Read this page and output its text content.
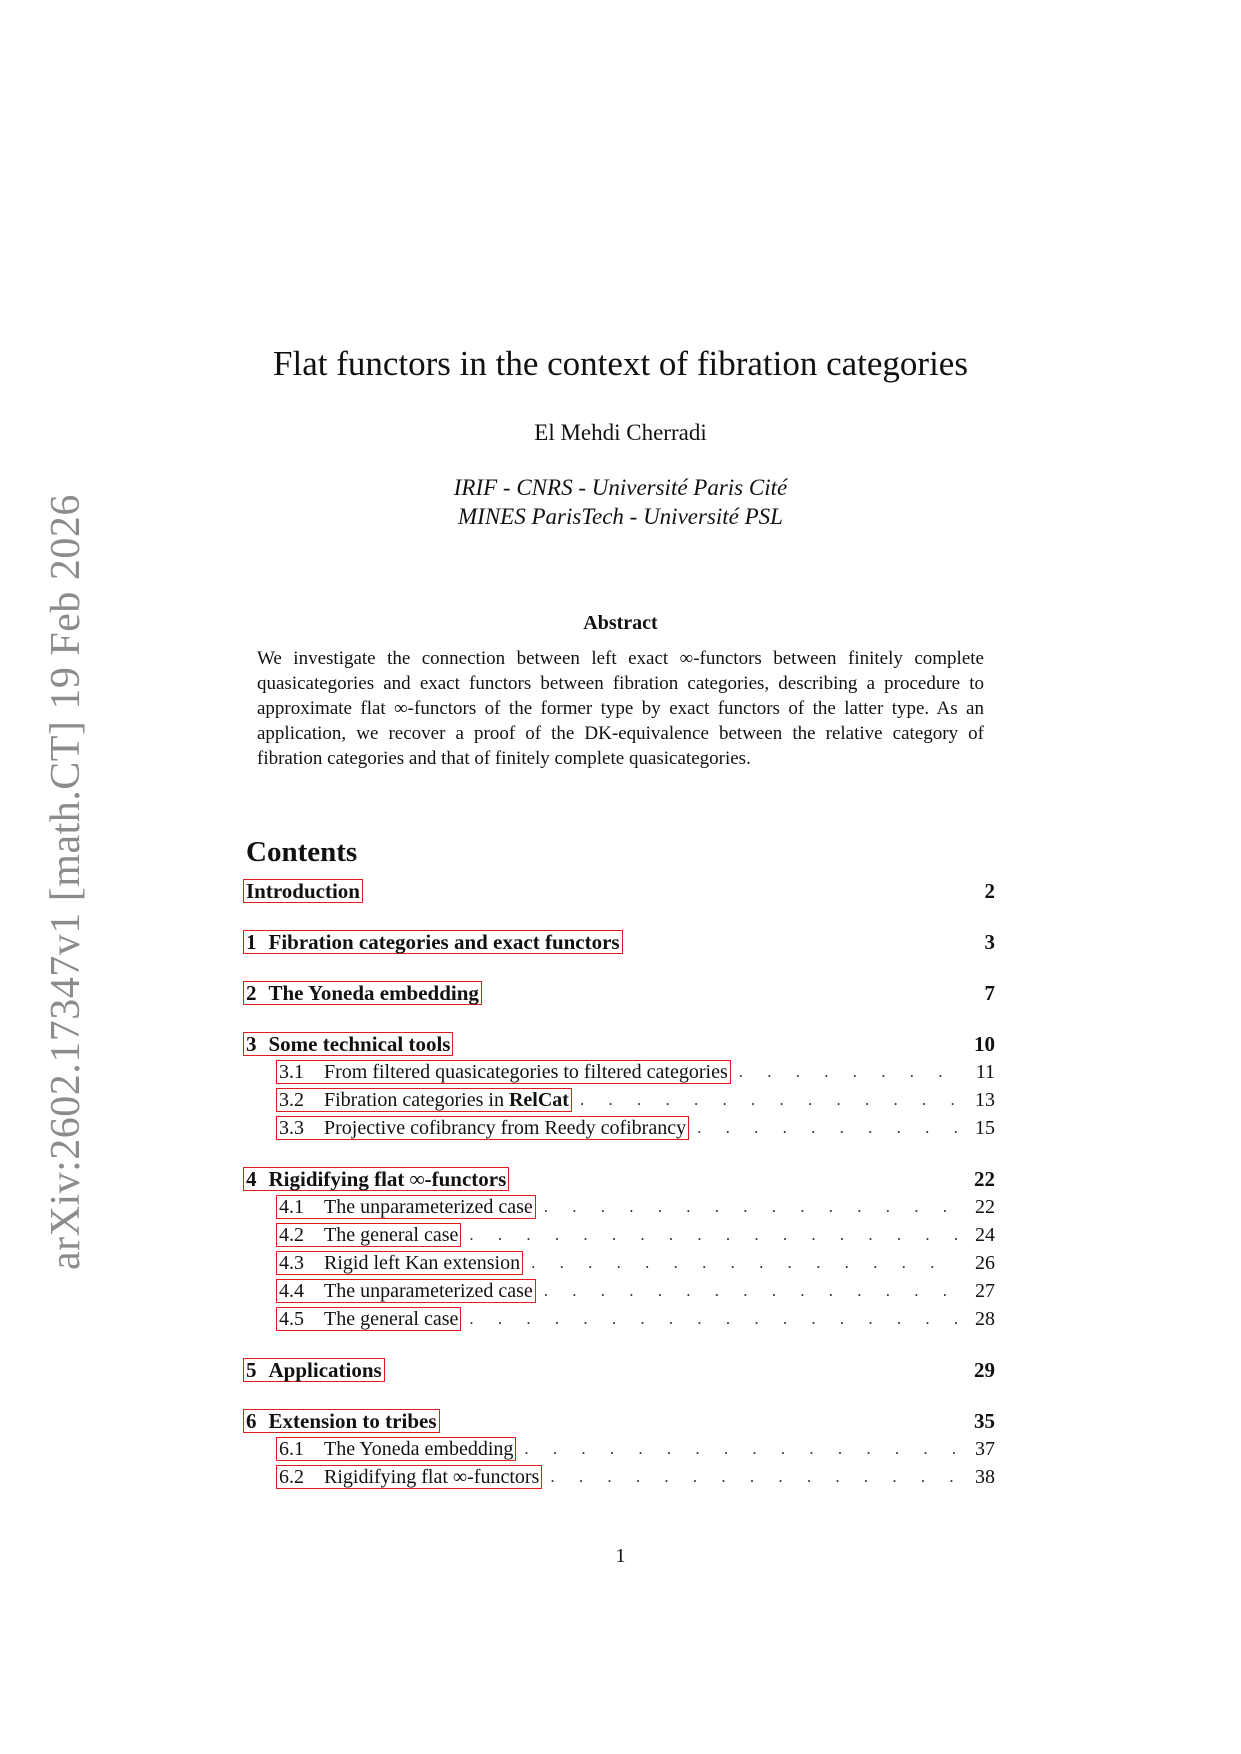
arXiv:2602.17347v1 [math.CT] 19 Feb 2026
Flat functors in the context of fibration categories
El Mehdi Cherradi
IRIF - CNRS - Université Paris Cité
MINES ParisTech - Université PSL
Abstract
We investigate the connection between left exact ∞-functors between finitely complete quasicategories and exact functors between fibration categories, describing a procedure to approximate flat ∞-functors of the former type by exact functors of the latter type. As an application, we recover a proof of the DK-equivalence between the relative category of fibration categories and that of finitely complete quasicategories.
Contents
Introduction	2
1 Fibration categories and exact functors	3
2 The Yoneda embedding	7
3 Some technical tools	10
3.1 From filtered quasicategories to filtered categories . . .	11
3.2 Fibration categories in RelCat . . .	13
3.3 Projective cofibrancy from Reedy cofibrancy . . .	15
4 Rigidifying flat ∞-functors	22
4.1 The unparameterized case . . .	22
4.2 The general case . . .	24
4.3 Rigid left Kan extension . . .	26
4.4 The unparameterized case . . .	27
4.5 The general case . . .	28
5 Applications	29
6 Extension to tribes	35
6.1 The Yoneda embedding . . .	37
6.2 Rigidifying flat ∞-functors . . .	38
1
